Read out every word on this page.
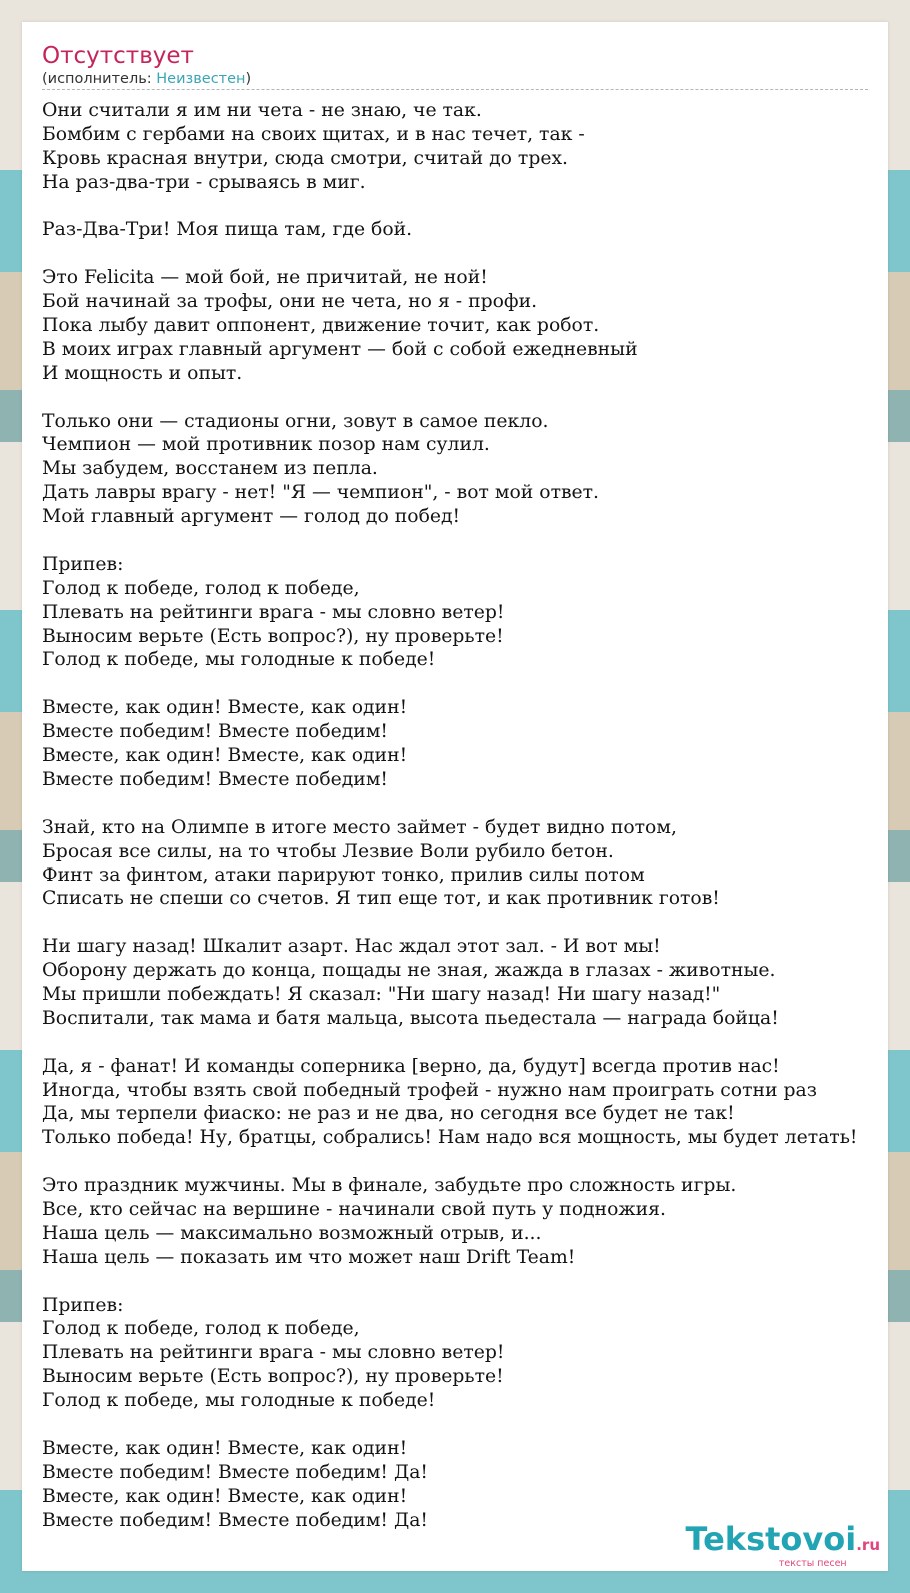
Отсутствует
(исполнитель: Неизвестен)
Они считали я им ни чета - не знаю, че так.
Бомбим с гербами на своих щитах, и в нас течет, так -
Кровь красная внутри, сюда смотри, считай до трех.
На раз-два-три - срываясь в миг.
Раз-Два-Три! Моя пища там, где бой.
Это Felicita — мой бой, не причитай, не ной!
Бой начинай за трофы, они не чета, но я - профи.
Пока лыбу давит оппонент, движение точит, как робот.
В моих играх главный аргумент — бой с собой ежедневный
И мощность и опыт.
Только они — стадионы огни, зовут в самое пекло.
Чемпион — мой противник позор нам сулил.
Мы забудем, восстанем из пепла.
Дать лавры врагу - нет! "Я — чемпион", - вот мой ответ.
Мой главный аргумент — голод до побед!
Припев:
Голод к победе, голод к победе,
Плевать на рейтинги врага - мы словно ветер!
Выносим верьте (Есть вопрос?), ну проверьте!
Голод к победе, мы голодные к победе!
Вместе, как один! Вместе, как один!
Вместе победим! Вместе победим!
Вместе, как один! Вместе, как один!
Вместе победим! Вместе победим!
Знай, кто на Олимпе в итоге место займет - будет видно потом,
Бросая все силы, на то чтобы Лезвие Воли рубило бетон.
Финт за финтом, атаки парируют тонко, прилив силы потом
Списать не спеши со счетов. Я тип еще тот, и как противник готов!
Ни шагу назад! Шкалит азарт. Нас ждал этот зал. - И вот мы!
Оборону держать до конца, пощады не зная, жажда в глазах - животные.
Мы пришли побеждать! Я сказал: "Ни шагу назад! Ни шагу назад!"
Воспитали, так мама и батя мальца, высота пьедестала — награда бойца!
Да, я - фанат! И команды соперника [верно, да, будут] всегда против нас!
Иногда, чтобы взять свой победный трофей - нужно нам проиграть сотни раз
Да, мы терпели фиаско: не раз и не два, но сегодня все будет не так!
Только победа! Ну, братцы, собрались! Нам надо вся мощность, мы будет летать!
Это праздник мужчины. Мы в финале, забудьте про сложность игры.
Все, кто сейчас на вершине - начинали свой путь у подножия.
Наша цель — максимально возможный отрыв, и...
Наша цель — показать им что может наш Drift Team!
Припев:
Голод к победе, голод к победе,
Плевать на рейтинги врага - мы словно ветер!
Выносим верьте (Есть вопрос?), ну проверьте!
Голод к победе, мы голодные к победе!
Вместе, как один! Вместе, как один!
Вместе победим! Вместе победим! Да!
Вместе, как один! Вместе, как один!
Вместе победим! Вместе победим! Да!	Tekstovoi.ru
тексты песен
